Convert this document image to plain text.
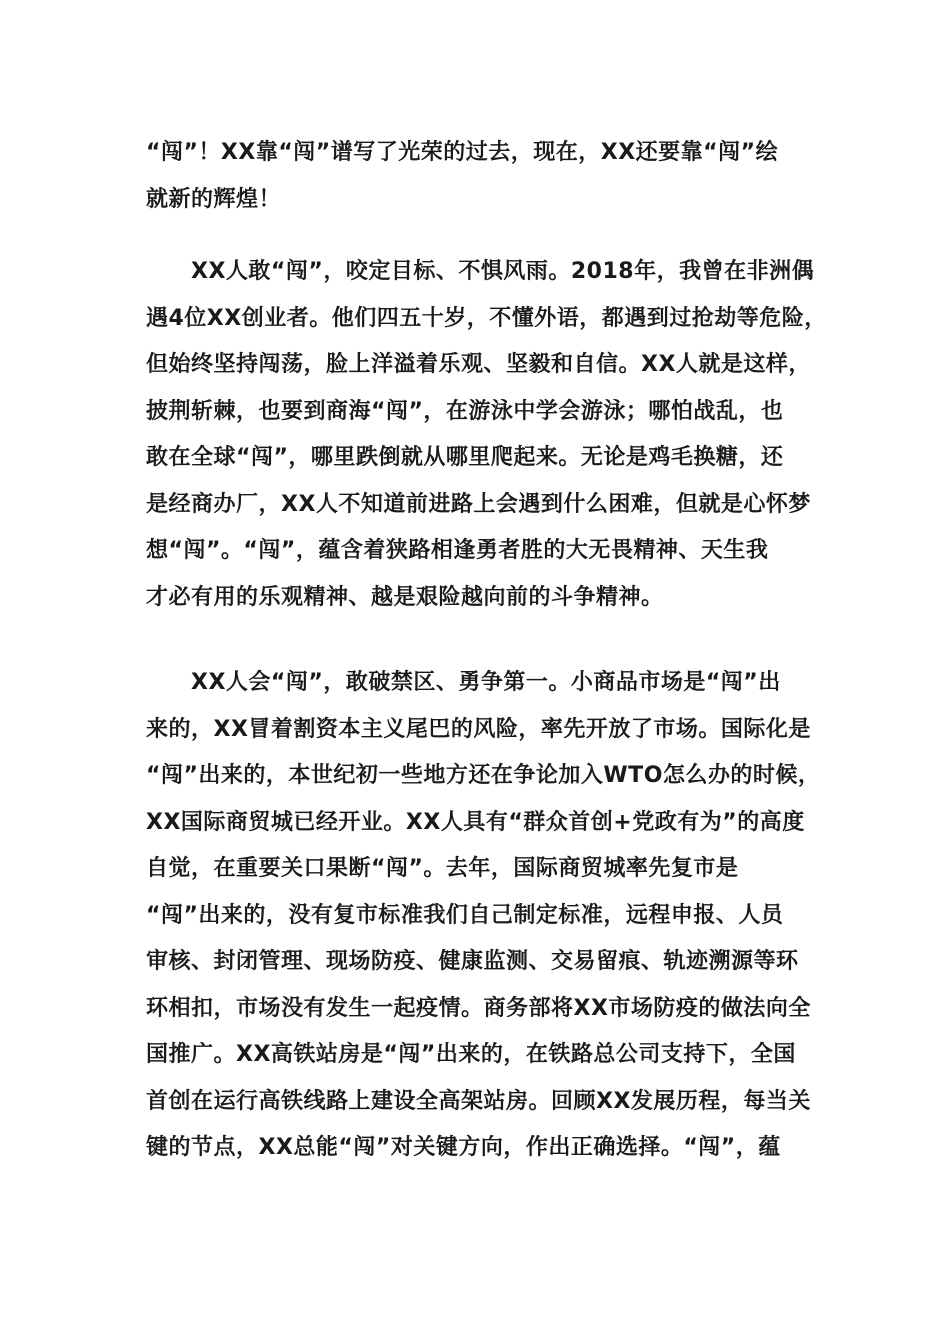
“闯”！XX靠“闯”谱写了光荣的过去，现在，XX还要靠“闯”绘
就新的辉煌！
　　XX人敢“闯”，咬定目标、不惧风雨。2018年，我曾在非洲偶
遇4位XX创业者。他们四五十岁，不懂外语，都遇到过抢劫等危险，
但始终坚持闯荡，脸上洋溢着乐观、坚毅和自信。XX人就是这样，
披荆斩棘，也要到商海“闯”，在游泳中学会游泳；哪怕战乱，也
敢在全球“闯”，哪里跌倒就从哪里爬起来。无论是鸡毛换糖，还
是经商办厂，XX人不知道前进路上会遇到什么困难，但就是心怀梦
想“闯”。“闯”，蕴含着狭路相逢勇者胜的大无畏精神、天生我
才必有用的乐观精神、越是艰险越向前的斗争精神。
　　XX人会“闯”，敢破禁区、勇争第一。小商品市场是“闯”出
来的，XX冒着割资本主义尾巴的风险，率先开放了市场。国际化是
“闯”出来的，本世纪初一些地方还在争论加入WTO怎么办的时候，
XX国际商贸城已经开业。XX人具有“群众首创+党政有为”的高度
自觉，在重要关口果断“闯”。去年，国际商贸城率先复市是
“闯”出来的，没有复市标准我们自己制定标准，远程申报、人员
审核、封闭管理、现场防疫、健康监测、交易留痕、轨迹溯源等环
环相扣，市场没有发生一起疫情。商务部将XX市场防疫的做法向全
国推广。XX高铁站房是“闯”出来的，在铁路总公司支持下，全国
首创在运行高铁线路上建设全高架站房。回顾XX发展历程，每当关
键的节点，XX总能“闯”对关键方向，作出正确选择。“闯”，蕴
